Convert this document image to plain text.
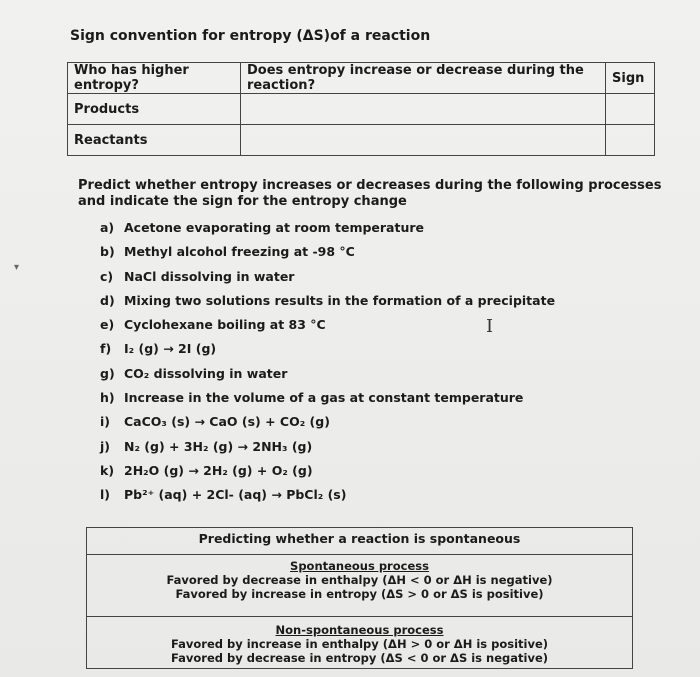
▾
Sign convention for entropy (ΔS)of a reaction
Who has higher entropy?	Does entropy increase or decrease during the reaction?	Sign
Products		
Reactants		
Predict whether entropy increases or decreases during the following processes and indicate the sign for the entropy change
a) Acetone evaporating at room temperature
b) Methyl alcohol freezing at -98 °C
c) NaCl dissolving in water
d) Mixing two solutions results in the formation of a precipitate
e) Cyclohexane boiling at 83 °C
f) I₂ (g) → 2I (g)
g) CO₂ dissolving in water
h) Increase in the volume of a gas at constant temperature
i) CaCO₃ (s) → CaO (s) + CO₂ (g)
j) N₂ (g) + 3H₂ (g) → 2NH₃ (g)
k) 2H₂O (g) → 2H₂ (g) + O₂ (g)
l) Pb²⁺ (aq) + 2Cl- (aq) → PbCl₂ (s)
I
Predicting whether a reaction is spontaneous
Spontaneous process
Favored by decrease in enthalpy (ΔH < 0 or ΔH is negative)
Favored by increase in entropy (ΔS > 0 or ΔS is positive)
Non-spontaneous process
Favored by increase in enthalpy (ΔH > 0 or ΔH is positive)
Favored by decrease in entropy (ΔS < 0 or ΔS is negative)
